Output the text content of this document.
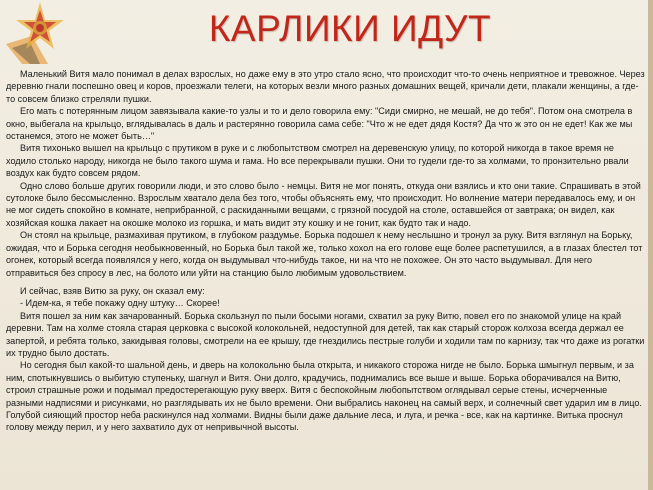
КАРЛИКИ ИДУТ

Маленький Витя мало понимал в делах взрослых, но даже ему в это утро стало ясно, что происходит что-то очень неприятное и тревожное. Через деревню гнали поспешно овец и коров, проезжали телеги, на которых везли много разных домашних вещей, кричали дети, плакали женщины, а где-то совсем близко стреляли пушки.

Его мать с потерянным лицом завязывала какие-то узлы и то и дело говорила ему: "Сиди смирно, не мешай, не до тебя". Потом она смотрела в окно, выбегала на крыльцо, вглядывалась в даль и растерянно говорила сама себе: "Что ж не едет дядя Костя? Да что ж это он не едет! Как же мы останемся, этого не может быть…"

Витя тихонько вышел на крыльцо с прутиком в руке и с любопытством смотрел на деревенскую улицу, по которой никогда в такое время не ходило столько народу, никогда не было такого шума и гама. Но все перекрывали пушки. Они то гудели где-то за холмами, то пронзительно рвали воздух как будто совсем рядом.

Одно слово больше других говорили люди, и это слово было - немцы. Витя не мог понять, откуда они взялись и кто они такие. Спрашивать в этой сутолоке было бессмысленно. Взрослым хватало дела без того, чтобы объяснять ему, что происходит. Но волнение матери передавалось ему, и он не мог сидеть спокойно в комнате, неприбранной, с раскиданными вещами, с грязной посудой на столе, оставшейся от завтрака; он видел, как хозяйская кошка лакает на окошке молоко из горшка, и мать видит эту кошку и не гонит, как будто так и надо.

Он стоял на крыльце, размахивая прутиком, в глубоком раздумье. Борька подошел к нему неслышно и тронул за руку. Витя взглянул на Борьку, ожидая, что и Борька сегодня необыкновенный, но Борька был такой же, только хохол на его голове еще более распетушился, а в глазах блестел тот огонек, который всегда появлялся у него, когда он выдумывал что-нибудь такое, ни на что не похожее. Он это часто выдумывал. Для него отправиться без спросу в лес, на болото или уйти на станцию было любимым удовольствием.

И сейчас, взяв Витю за руку, он сказал ему:

- Идем-ка, я тебе покажу одну штуку… Скорее!

Витя пошел за ним как зачарованный. Борька скользнул по пыли босыми ногами, схватил за руку Витю, повел его по знакомой улице на край деревни. Там на холме стояла старая церковка с высокой колокольней, недоступной для детей, так как старый сторож колхоза всегда держал ее запертой, и ребята только, закидывая головы, смотрели на ее крышу, где гнездились пестрые голуби и ходили там по карнизу, так что даже из рогатки их трудно было достать.

Но сегодня был какой-то шальной день, и дверь на колокольню была открыта, и никакого сторожа нигде не было. Борька шмыгнул первым, и за ним, спотыкнувшись о выбитую ступеньку, шагнул и Витя. Они долго, крадучись, поднимались все выше и выше. Борька оборачивался на Витю, строил страшные рожи и подымал предостерегающую руку вверх. Витя с беспокойным любопытством оглядывал серые стены, исчерченные разными надписями и рисунками, но разглядывать их не было времени. Они выбрались наконец на самый верх, и солнечный свет ударил им в лицо. Голубой сияющий простор неба раскинулся над холмами. Видны были даже дальние леса, и луга, и речка - все, как на картинке. Витька проснул голову между перил, и у него захватило дух от непривычной высоты.
